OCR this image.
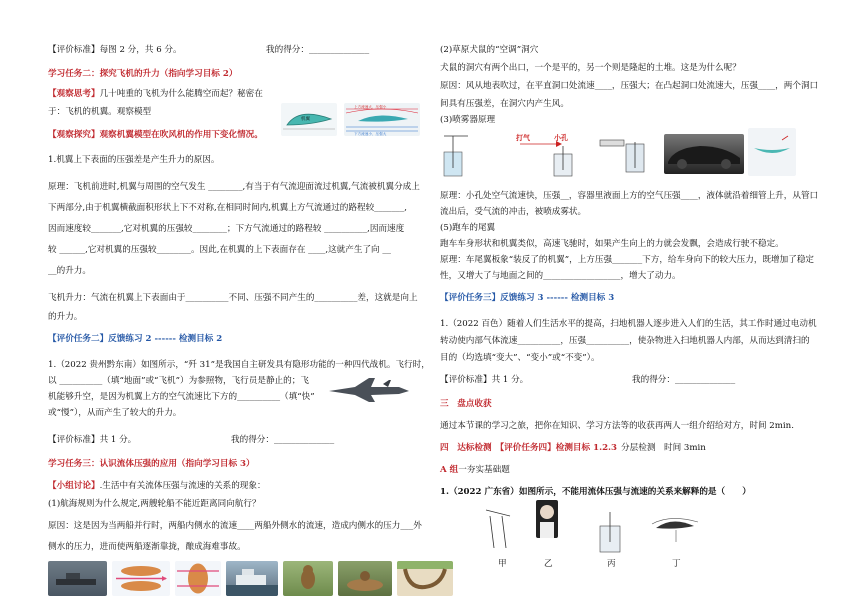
【评价标准】每图 2 分，共 6 分。	我的得分：______________
学习任务二：探究飞机的升力（指向学习目标 2）
【观察思考】几十吨重的飞机为什么能腾空而起？秘密在
于：飞机的机翼。观察模型
机翼
上方流速大、压强小
下方流速小、压强大
【观察探究】观察机翼模型在吹风机的作用下变化情况。
1.机翼上下表面的压强差是产生升力的原因。
原理：飞机前进时,机翼与周围的空气发生 ________,有当于有气流迎面流过机翼,气流被机翼分成上
下两部分,由于机翼横截面积形状上下不对称,在相同时间内,机翼上方气流通过的路程较_______,
因而速度较_______,它对机翼的压强较________；下方气流通过的路程较 __________,因而速度
较 ______,它对机翼的压强较________。因此,在机翼的上下表面存在 ____,这就产生了向 __
__的升力。
飞机升力：气流在机翼上下表面由于__________不同、压强不同产生的__________差，这就是向上
的升力。
【评价任务二】反馈练习 2 ------ 检测目标 2
1.（2022 贵州黔东南）如图所示，“歼 31”是我国自主研发具有隐形功能的一种四代战机。飞行时，
以 __________（填“地面”或“飞机”）为参照物，飞行员是静止的；飞
机能够升空，是因为机翼上方的空气流速比下方的__________（填“快”
或“慢”），从而产生了较大的升力。
【评价标准】共 1 分。	我的得分：______________
学习任务三：认识流体压强的应用（指向学习目标 3）
【小组讨论】.生活中有关流体压强与流速的关系的现象：
(1)航海规则为什么规定,两艘轮船不能近距离同向航行？
原因：这是因为当两船并行时，两船内侧水的流速____两船外侧水的流速，造成内侧水的压力___外
侧水的压力，进而使两船逐渐靠拢，酿成海难事故。
(2)草原犬鼠的“空调”洞穴
犬鼠的洞穴有两个出口，一个是平的，另一个则是隆起的土堆。这是为什么呢？
原因：风从地表吹过，在平直洞口处流速____，压强大；在凸起洞口处流速大，压强____，两个洞口
间具有压强差，在洞穴内产生风。
(3)喷雾器原理
打气	小孔
原理：小孔处空气流速快，压强__，容器里液面上方的空气压强____，液体就沿着细管上升，从管口
流出后，受气流的冲击，被喷成雾状。
(5)跑车的尾翼
跑车车身形状和机翼类似，高速飞驰时，如果产生向上的力就会发飘，会造成行驶不稳定。
原理：车尾翼板象“装反了的机翼”，上方压强_______下方，给车身向下的较大压力，既增加了稳定
性，又增大了与地面之间的__________________，增大了动力。
【评价任务三】反馈练习 3 ------ 检测目标 3
1.（2022 百色）随着人们生活水平的提高，扫地机器人逐步进入人们的生活，其工作时通过电动机
转动使内部气体流速__________，压强__________，使杂物进入扫地机器人内部，从而达到清扫的
目的（均选填“变大”、“变小”或“不变”）。
【评价标准】共 1 分。	我的得分：______________
三　盘点收获
通过本节课的学习之旅，把你在知识、学习方法等的收获再两人一组介绍给对方，时间 2min.
四　达标检测 【评价任务四】检测目标 1.2.3 分层检测　时间 3min
A 组一夯实基础题
1.（2022 广东省）如图所示，不能用流体压强与流速的关系来解释的是（　　）
甲	乙	丙	丁
